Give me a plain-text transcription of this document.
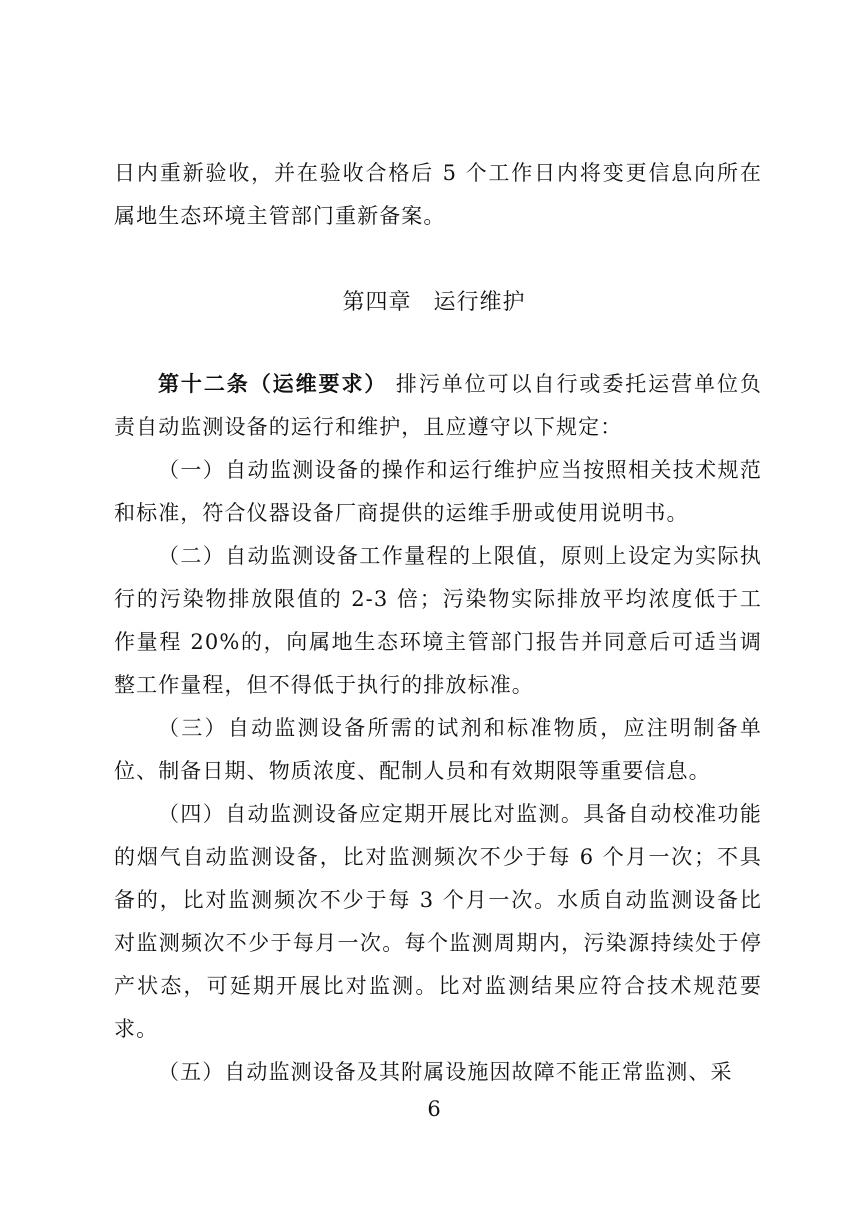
日内重新验收，并在验收合格后 5 个工作日内将变更信息向所在属地生态环境主管部门重新备案。

第四章 运行维护

第十二条（运维要求） 排污单位可以自行或委托运营单位负责自动监测设备的运行和维护，且应遵守以下规定：

（一）自动监测设备的操作和运行维护应当按照相关技术规范和标准，符合仪器设备厂商提供的运维手册或使用说明书。

（二）自动监测设备工作量程的上限值，原则上设定为实际执行的污染物排放限值的 2-3 倍；污染物实际排放平均浓度低于工作量程 20%的，向属地生态环境主管部门报告并同意后可适当调整工作量程，但不得低于执行的排放标准。

（三）自动监测设备所需的试剂和标准物质，应注明制备单位、制备日期、物质浓度、配制人员和有效期限等重要信息。

（四）自动监测设备应定期开展比对监测。具备自动校准功能的烟气自动监测设备，比对监测频次不少于每 6 个月一次；不具备的，比对监测频次不少于每 3 个月一次。水质自动监测设备比对监测频次不少于每月一次。每个监测周期内，污染源持续处于停产状态，可延期开展比对监测。比对监测结果应符合技术规范要求。

（五）自动监测设备及其附属设施因故障不能正常监测、采

6
